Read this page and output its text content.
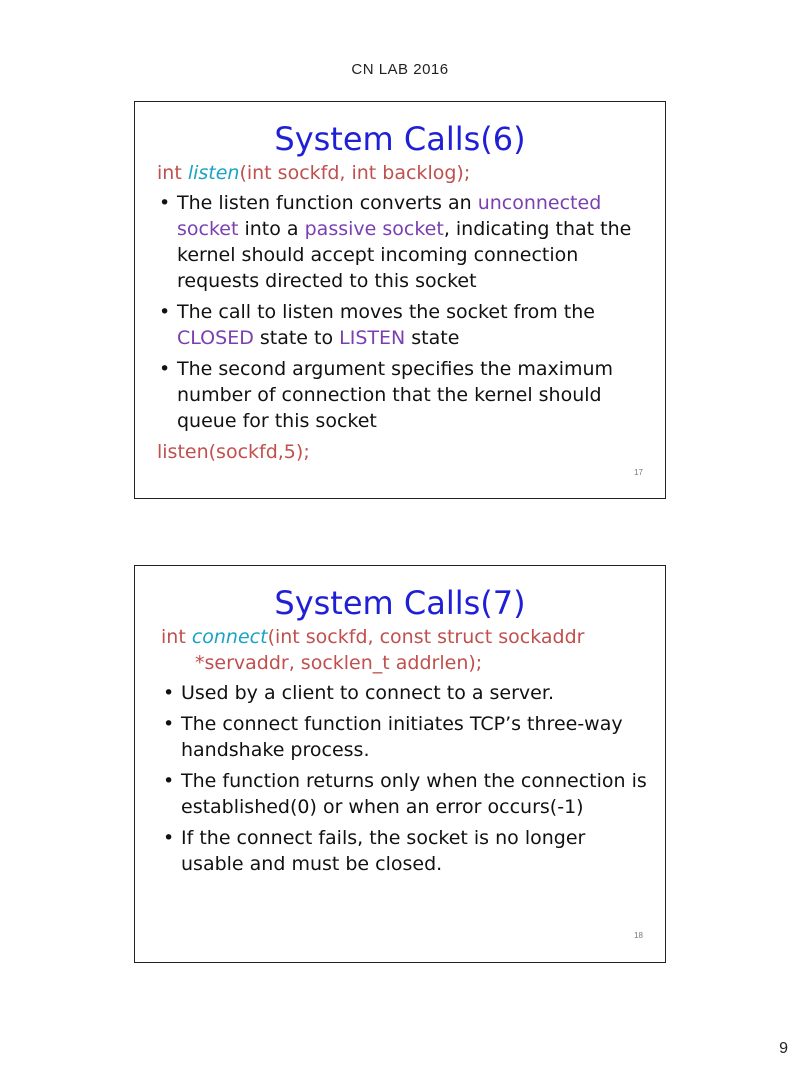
CN LAB 2016
System Calls(6)
int listen(int sockfd, int backlog);
• The listen function converts an unconnected socket into a passive socket, indicating that the kernel should accept incoming connection requests directed to this socket
• The call to listen moves the socket from the CLOSED state to LISTEN state
• The second argument specifies the maximum number of connection that the kernel should queue for this socket
listen(sockfd,5);
17
System Calls(7)
int connect(int sockfd, const struct sockaddr
*servaddr, socklen_t addrlen);
• Used by a client to connect to a server.
• The connect function initiates TCP’s three-way handshake process.
• The function returns only when the connection is established(0) or when an error occurs(-1)
• If the connect fails, the socket is no longer usable and must be closed.
18
9
